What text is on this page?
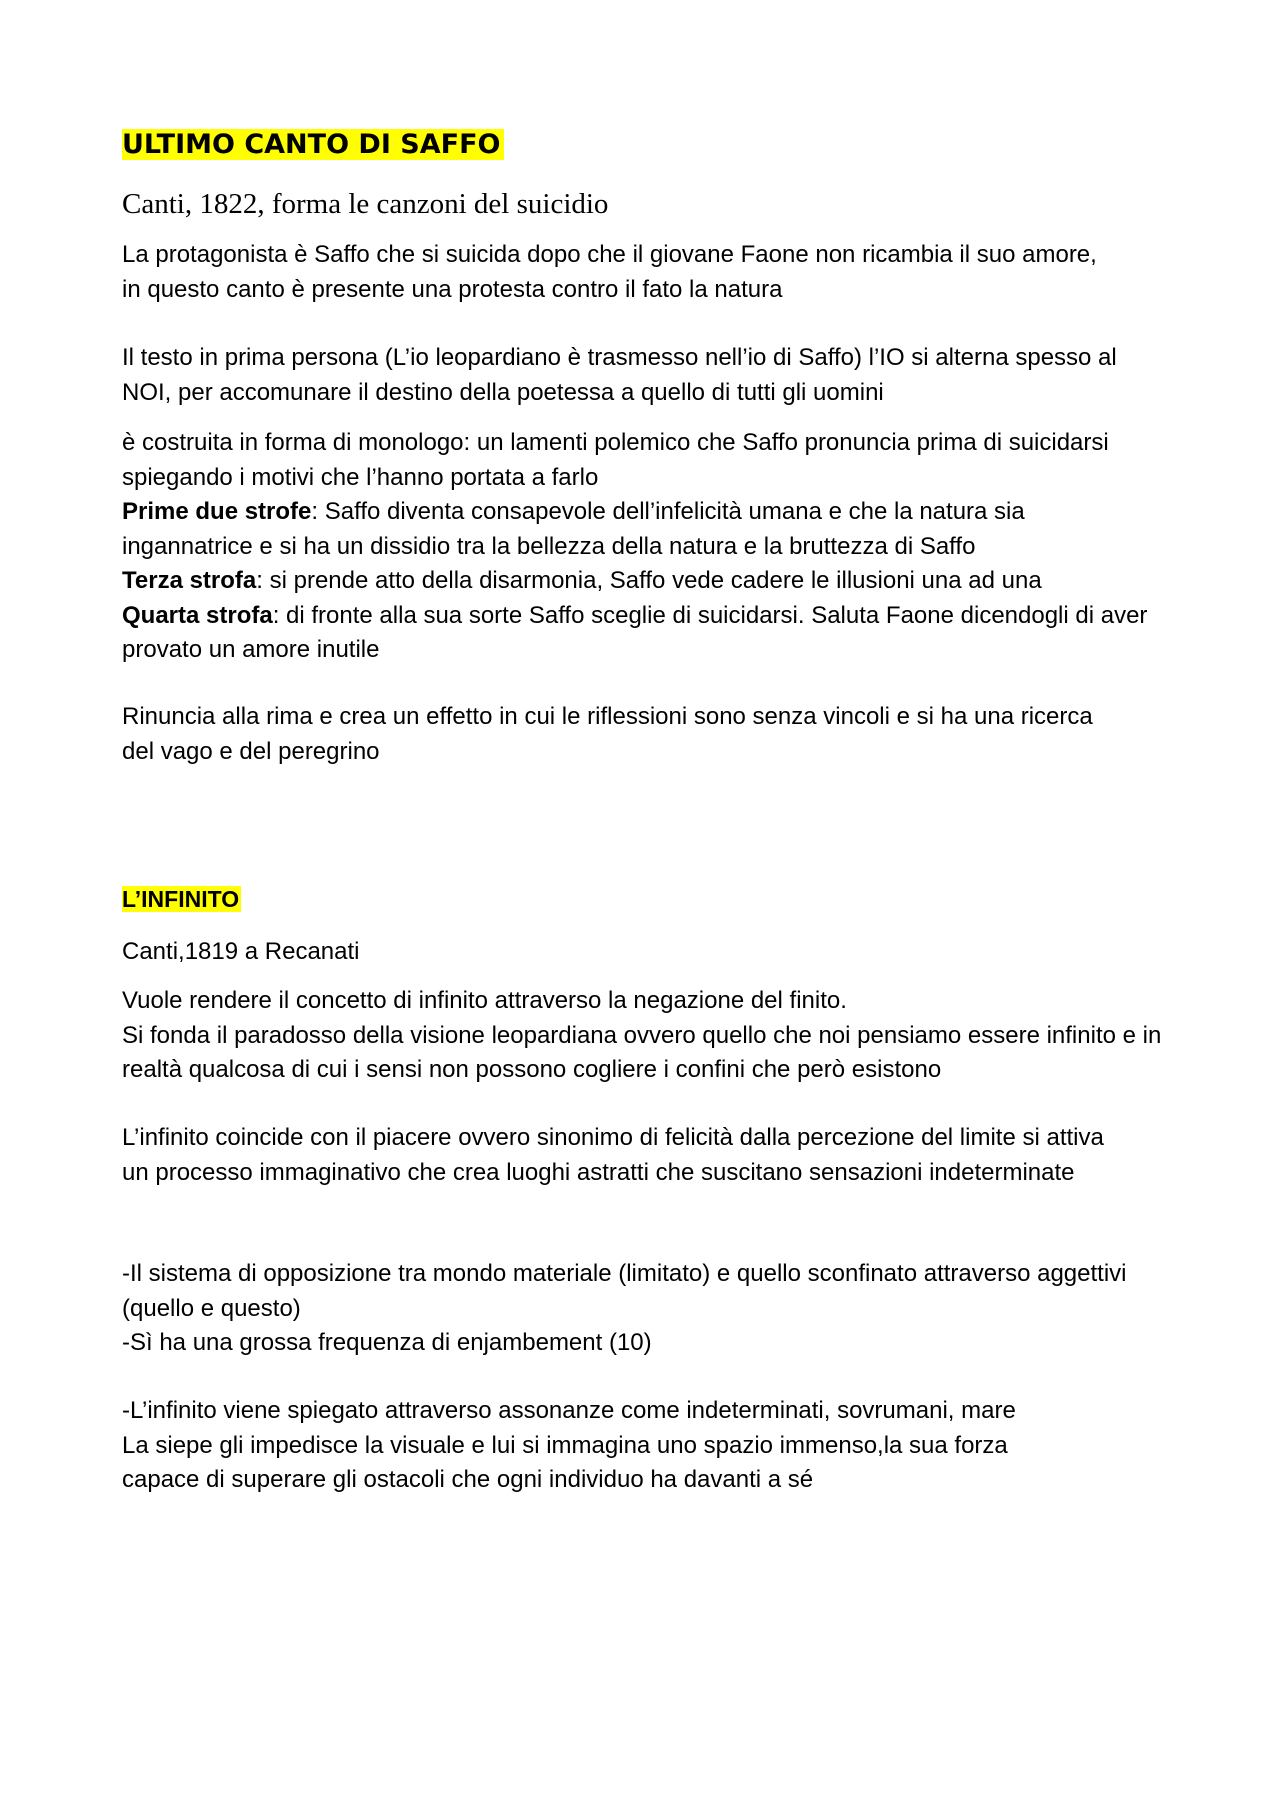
ULTIMO CANTO DI SAFFO

Canti, 1822, forma le canzoni del suicidio

La protagonista è Saffo che si suicida dopo che il giovane Faone non ricambia il suo amore, in questo canto è presente una protesta contro il fato la natura

Il testo in prima persona (L’io leopardiano è trasmesso nell’io di Saffo) l’IO si alterna spesso al NOI, per accomunare il destino della poetessa a quello di tutti gli uomini

è costruita in forma di monologo: un lamenti polemico che Saffo pronuncia prima di suicidarsi spiegando i motivi che l’hanno portata a farlo
Prime due strofe: Saffo diventa consapevole dell’infelicità umana e che la natura sia ingannatrice e si ha un dissidio tra la bellezza della natura e la bruttezza di Saffo
Terza strofa: si prende atto della disarmonia, Saffo vede cadere le illusioni una ad una
Quarta strofa: di fronte alla sua sorte Saffo sceglie di suicidarsi. Saluta Faone dicendogli di aver provato un amore inutile

Rinuncia alla rima e crea un effetto in cui le riflessioni sono senza vincoli e si ha una ricerca del vago e del peregrino

L’INFINITO

Canti,1819 a Recanati

Vuole rendere il concetto di infinito attraverso la negazione del finito.
Si fonda il paradosso della visione leopardiana ovvero quello che noi pensiamo essere infinito e in realtà qualcosa di cui i sensi non possono cogliere i confini che però esistono

L’infinito coincide con il piacere ovvero sinonimo di felicità dalla percezione del limite si attiva un processo immaginativo che crea luoghi astratti che suscitano sensazioni indeterminate

-Il sistema di opposizione tra mondo materiale (limitato) e quello sconfinato attraverso aggettivi (quello e questo)
-Sì ha una grossa frequenza di enjambement (10)
-L’infinito viene spiegato attraverso assonanze come indeterminati, sovrumani, mare
La siepe gli impedisce la visuale e lui si immagina uno spazio immenso,la sua forza capace di superare gli ostacoli che ogni individuo ha davanti a sé
